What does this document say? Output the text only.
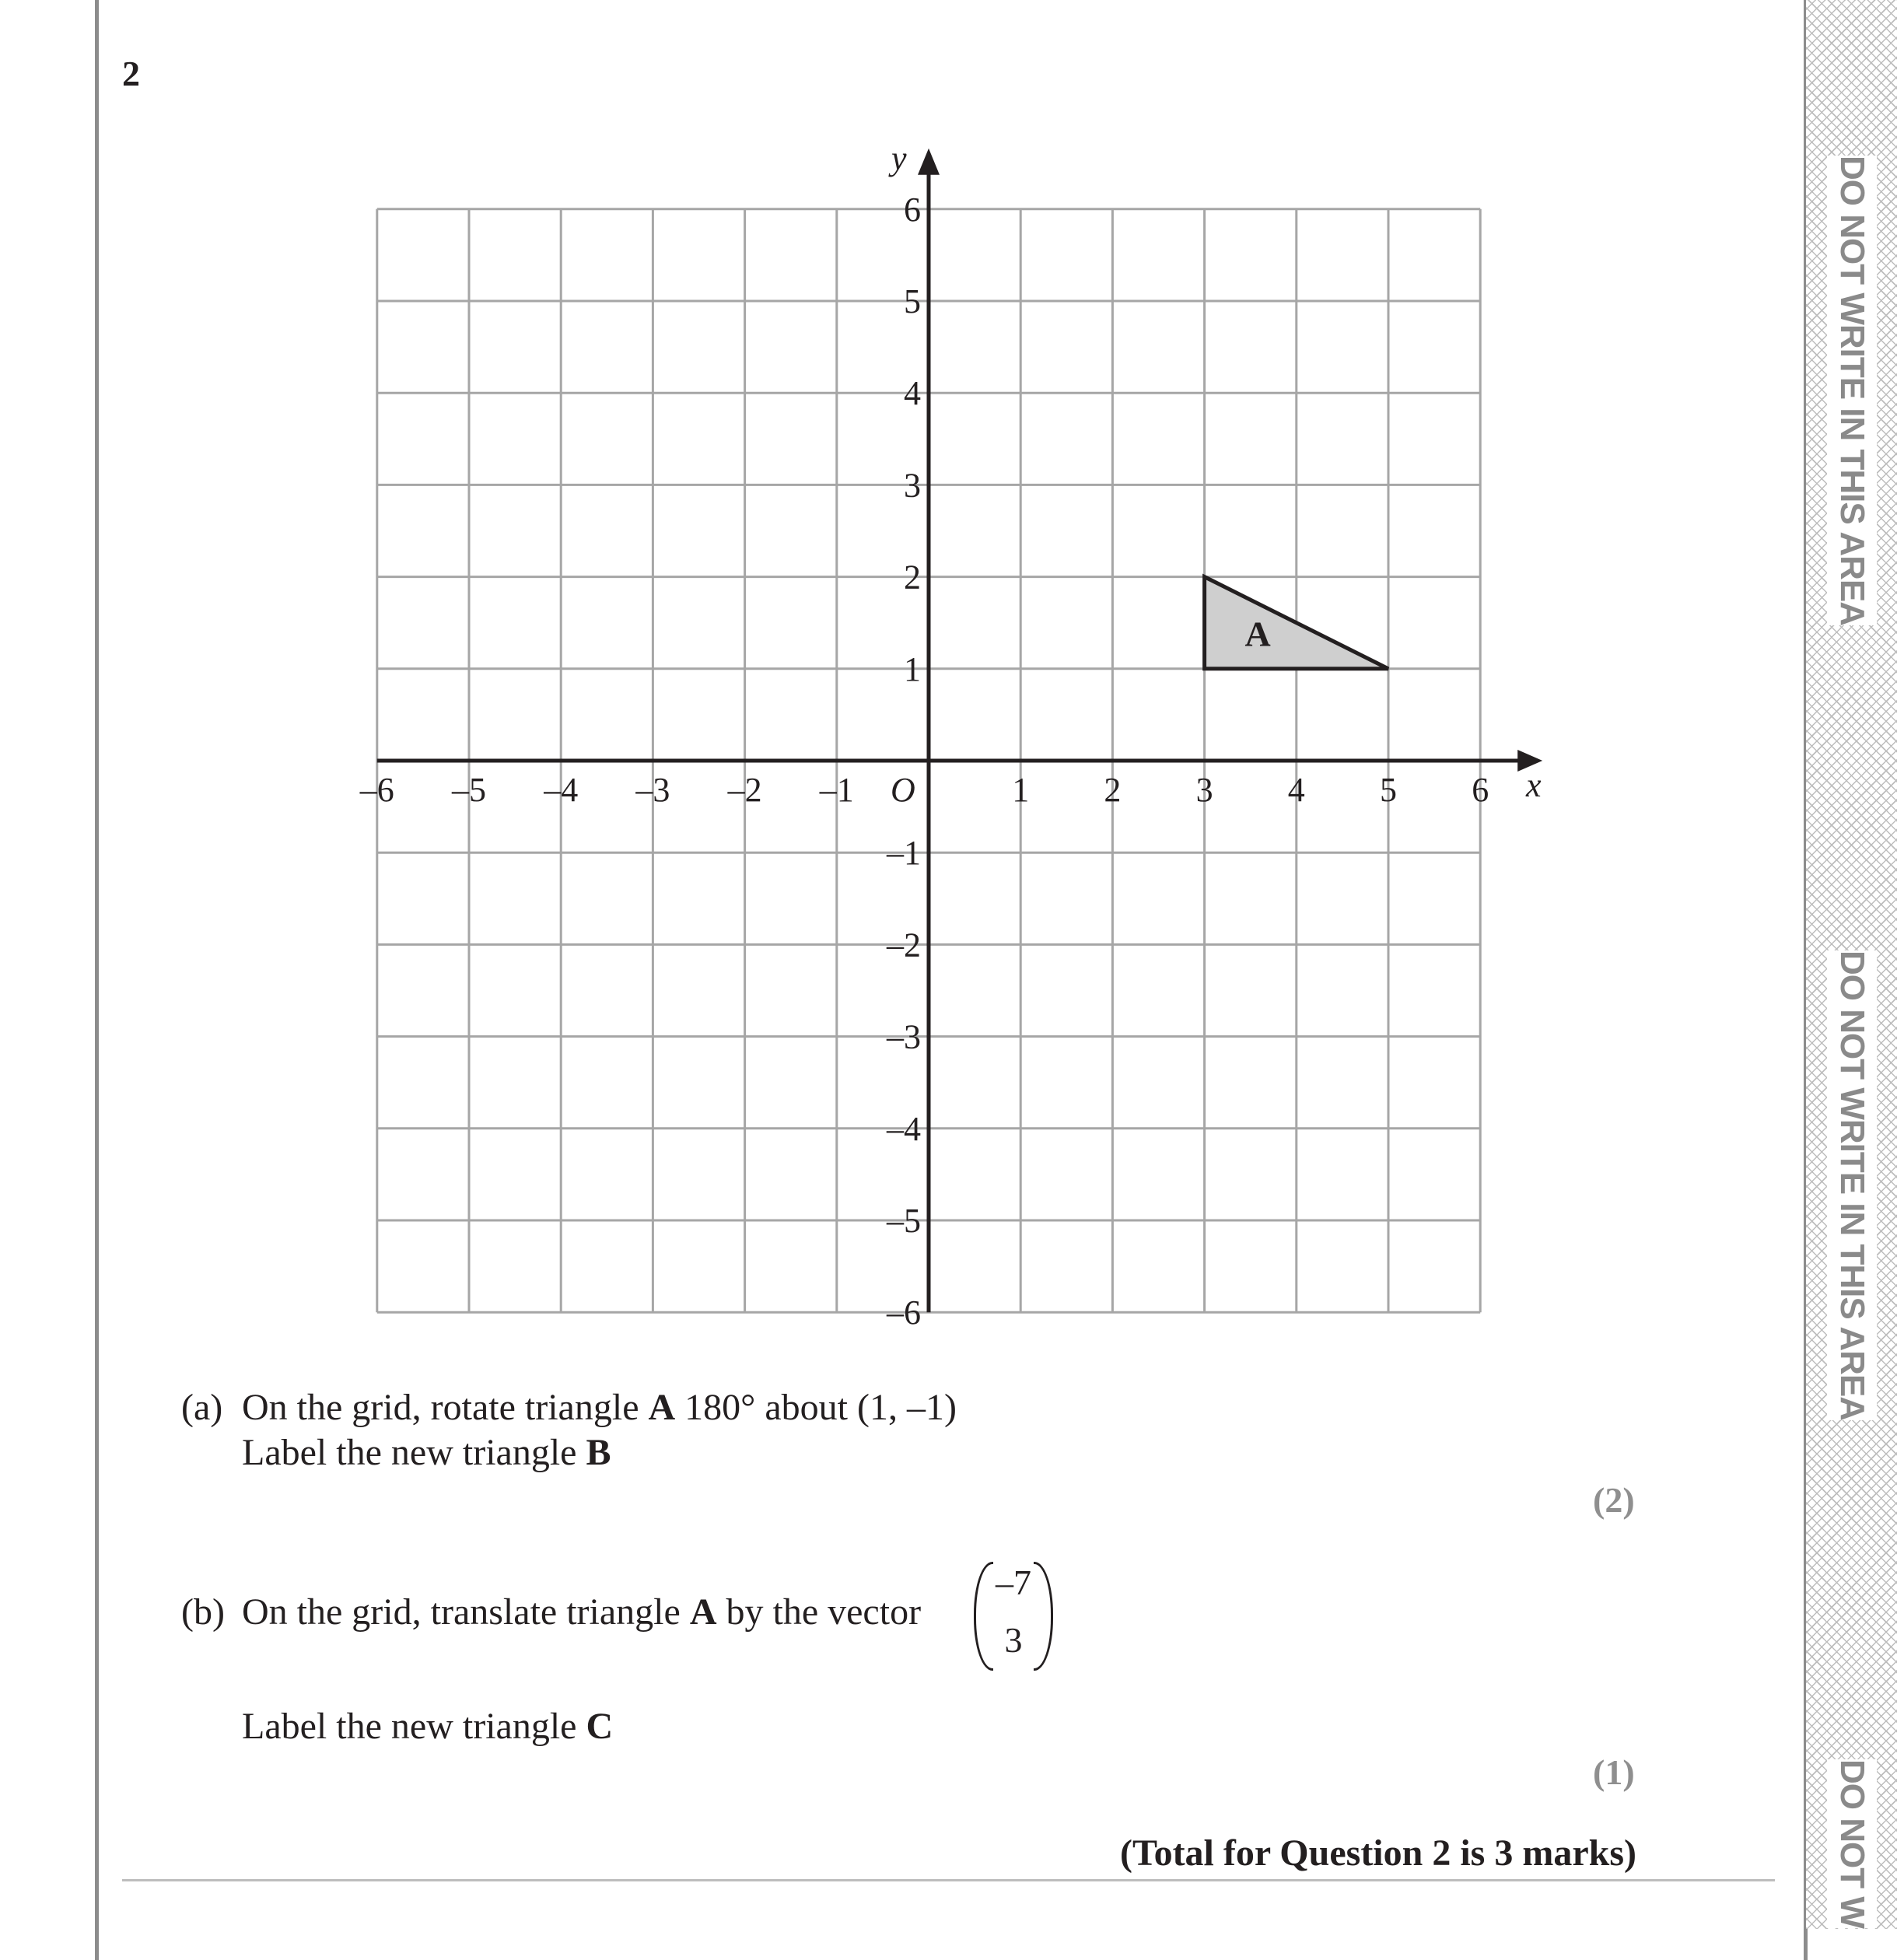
DO NOT WRITE IN THIS AREA
DO NOT WRITE IN THIS AREA
DO NOT W
2
A
–6 –5 –4 –3 –2 –1	1 2 3 4 5 6
6
5
4
3
2
1
–1
–2
–3
–4
–5
–6
x
y
O
(a) On the grid, rotate triangle A 180° about (1, –1)
Label the new triangle B
(2)
(b) On the grid, translate triangle A by the vector
–7
3
Label the new triangle C
(1)
(Total for Question 2 is 3 marks)
